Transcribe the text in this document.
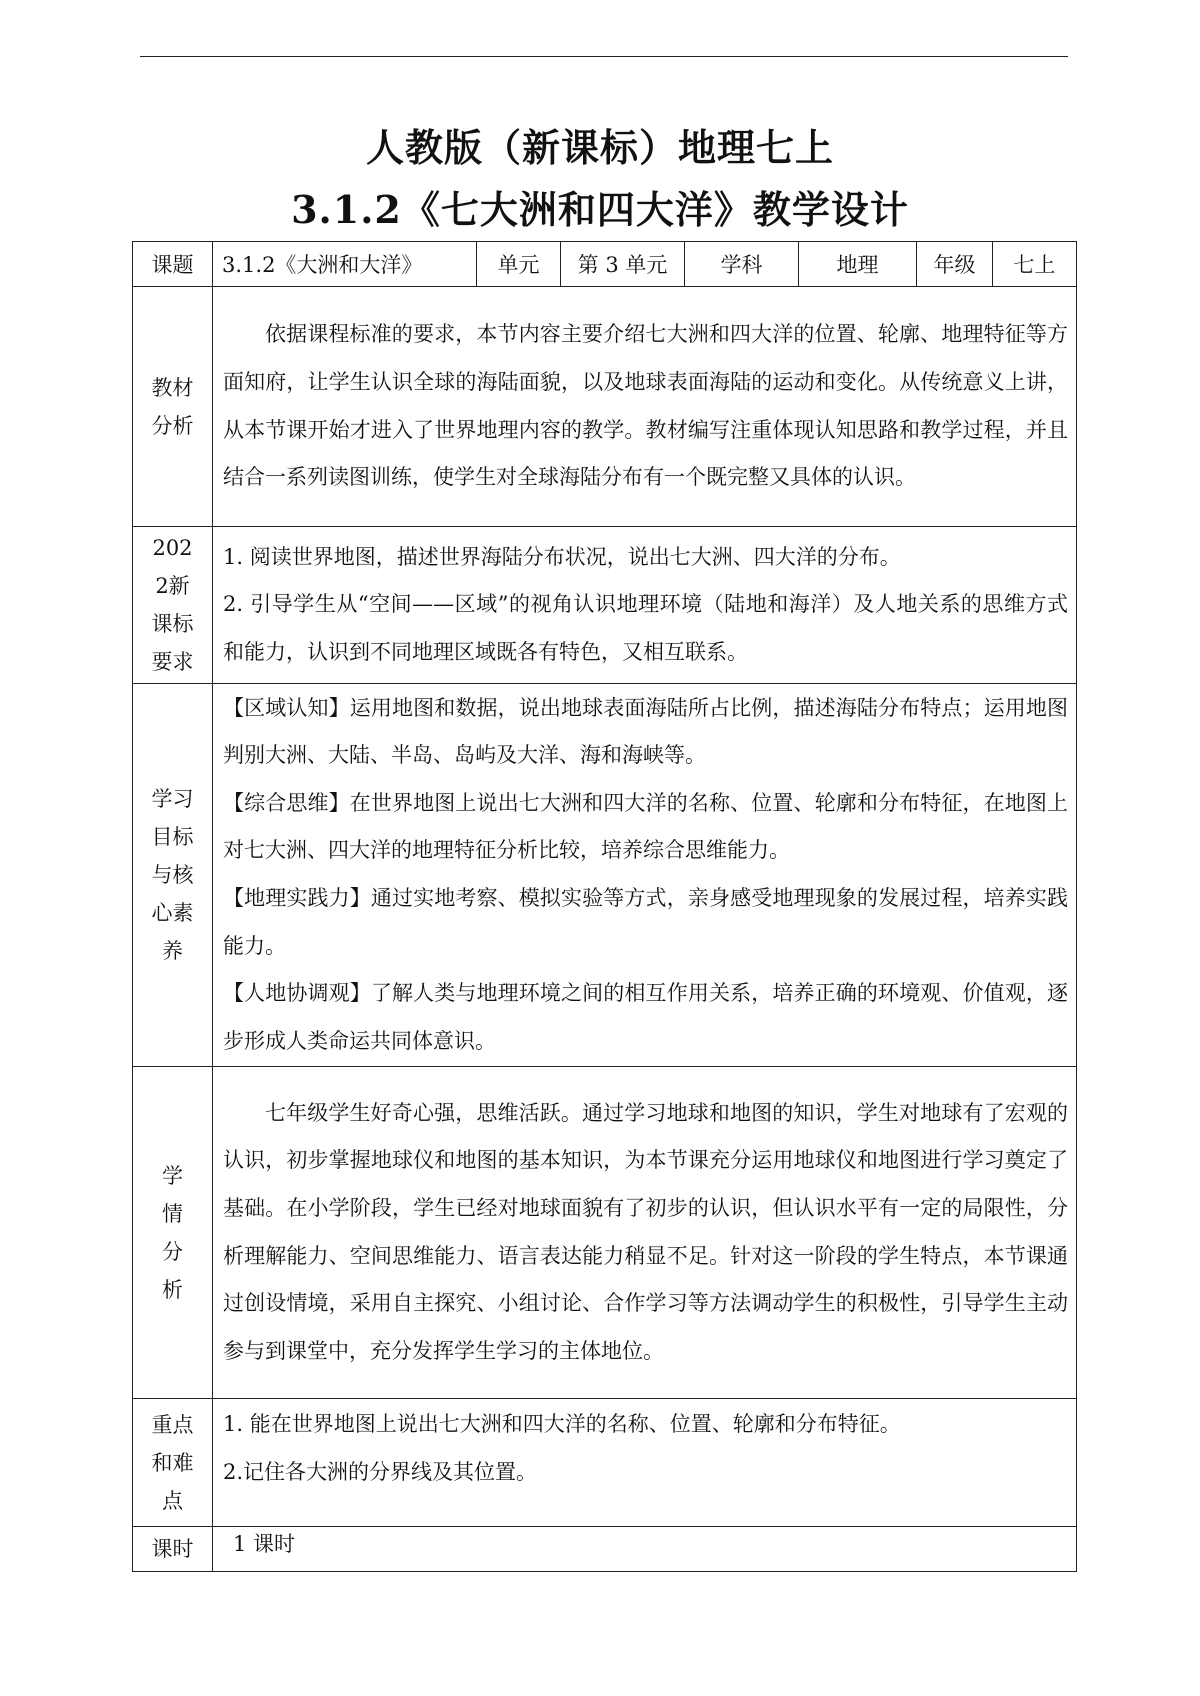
人教版（新课标）地理七上
3.1.2《七大洲和四大洋》教学设计
课题	3.1.2《大洲和大洋》	单元	第 3 单元	学科	地理	年级	七上

教材分析	依据课程标准的要求，本节内容主要介绍七大洲和四大洋的位置、轮廓、地理特征等方面知府，让学生认识全球的海陆面貌，以及地球表面海陆的运动和变化。从传统意义上讲，从本节课开始才进入了世界地理内容的教学。教材编写注重体现认知思路和教学过程，并且结合一系列读图训练，使学生对全球海陆分布有一个既完整又具体的认识。						

2022新课标要求	1. 阅读世界地图，描述世界海陆分布状况，说出七大洲、四大洋的分布。

2. 引导学生从“空间——区域”的视角认识地理环境（陆地和海洋）及人地关系的思维方式和能力，认识到不同地理区域既各有特色，又相互联系。						

学习目标与核心素养	【区域认知】运用地图和数据，说出地球表面海陆所占比例，描述海陆分布特点；运用地图判别大洲、大陆、半岛、岛屿及大洋、海和海峡等。

【综合思维】在世界地图上说出七大洲和四大洋的名称、位置、轮廓和分布特征，在地图上对七大洲、四大洋的地理特征分析比较，培养综合思维能力。

【地理实践力】通过实地考察、模拟实验等方式，亲身感受地理现象的发展过程，培养实践能力。

【人地协调观】了解人类与地理环境之间的相互作用关系，培养正确的环境观、价值观，逐步形成人类命运共同体意识。						

学情分析	七年级学生好奇心强，思维活跃。通过学习地球和地图的知识，学生对地球有了宏观的认识，初步掌握地球仪和地图的基本知识，为本节课充分运用地球仪和地图进行学习奠定了基础。在小学阶段，学生已经对地球面貌有了初步的认识，但认识水平有一定的局限性，分析理解能力、空间思维能力、语言表达能力稍显不足。针对这一阶段的学生特点，本节课通过创设情境，采用自主探究、小组讨论、合作学习等方法调动学生的积极性，引导学生主动参与到课堂中，充分发挥学生学习的主体地位。						

重点和难点	1. 能在世界地图上说出七大洲和四大洋的名称、位置、轮廓和分布特征。

2.记住各大洲的分界线及其位置。						

课时	1 课时						
